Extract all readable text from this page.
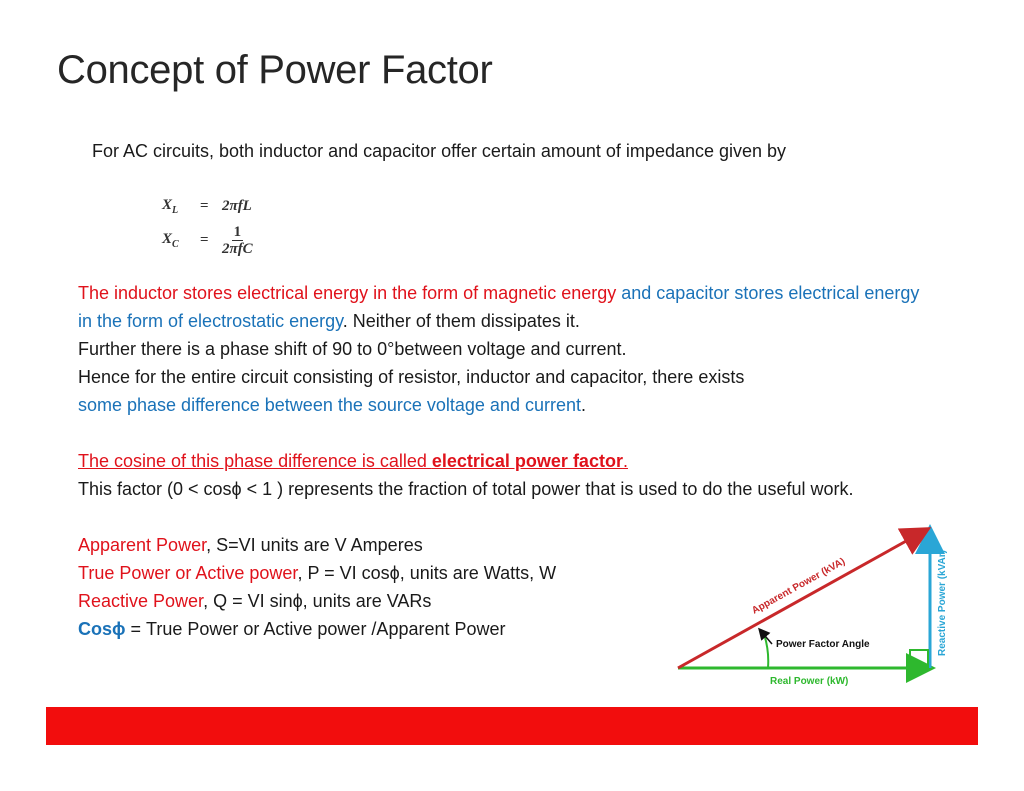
Concept of Power Factor
For AC circuits, both inductor and capacitor offer certain amount of impedance given by
$X_L$	= 2πfL
$X_C$	= $\frac{1}{\text{2πfC}}$

The inductor stores electrical energy in the form of magnetic energy and capacitor stores electrical energy in the form of electrostatic energy. Neither of them dissipates it.

Further there is a phase shift of 90 to 0°between voltage and current.

Hence for the entire circuit consisting of resistor, inductor and capacitor, there exists
some phase difference between the source voltage and current.

The cosine of this phase difference is called electrical power factor.

This factor (0 < cosϕ < 1 ) represents the fraction of total power that is used to do the useful work.

Apparent Power, S=VI units are V Amperes

True Power or Active power, P = VI cosϕ, units are Watts, W

Reactive Power, Q = VI sinϕ, units are VARs

Cosϕ = True Power or Active power /Apparent Power

Apparent Power (kVA)	Reactive Power (kVAr)
Real Power (kW)
Power Factor Angle
